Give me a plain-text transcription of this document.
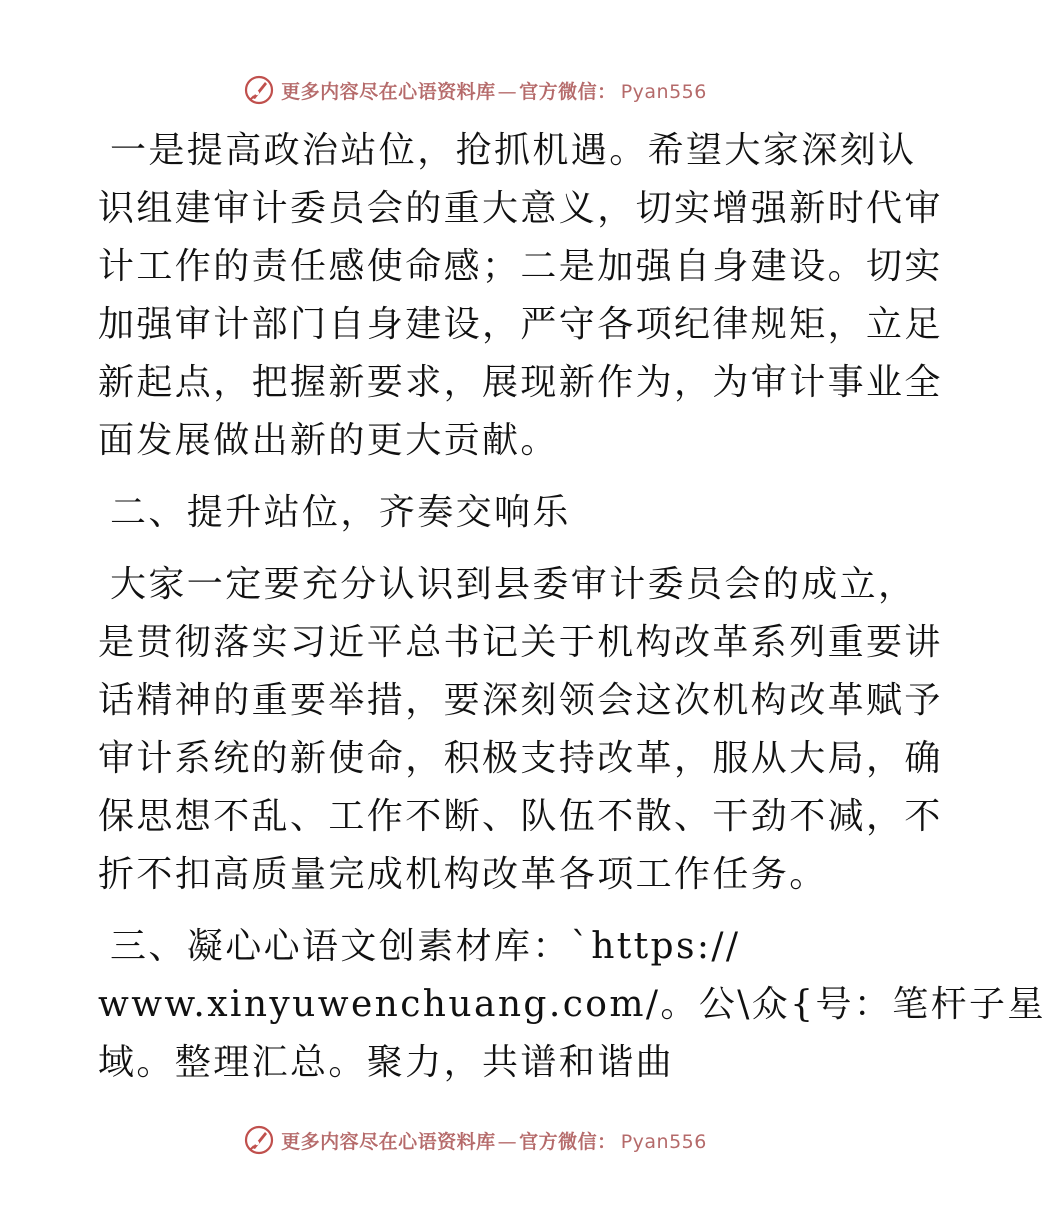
更多内容尽在心语资料库 — 官方微信： Pyan556
一是提高政治站位，抢抓机遇。希望大家深刻认
识组建审计委员会的重大意义，切实增强新时代审
计工作的责任感使命感；二是加强自身建设。切实
加强审计部门自身建设，严守各项纪律规矩，立足
新起点，把握新要求，展现新作为，为审计事业全
面发展做出新的更大贡献。
二、提升站位，齐奏交响乐
大家一定要充分认识到县委审计委员会的成立，
是贯彻落实习近平总书记关于机构改革系列重要讲
话精神的重要举措，要深刻领会这次机构改革赋予
审计系统的新使命，积极支持改革，服从大局，确
保思想不乱、工作不断、队伍不散、干劲不减，不
折不扣高质量完成机构改革各项工作任务。
三、凝心心语文创素材库：`https://
www.xinyuwenchuang.com/。公\众{号：笔杆子星
域。整理汇总。聚力，共谱和谐曲
更多内容尽在心语资料库 — 官方微信： Pyan556
